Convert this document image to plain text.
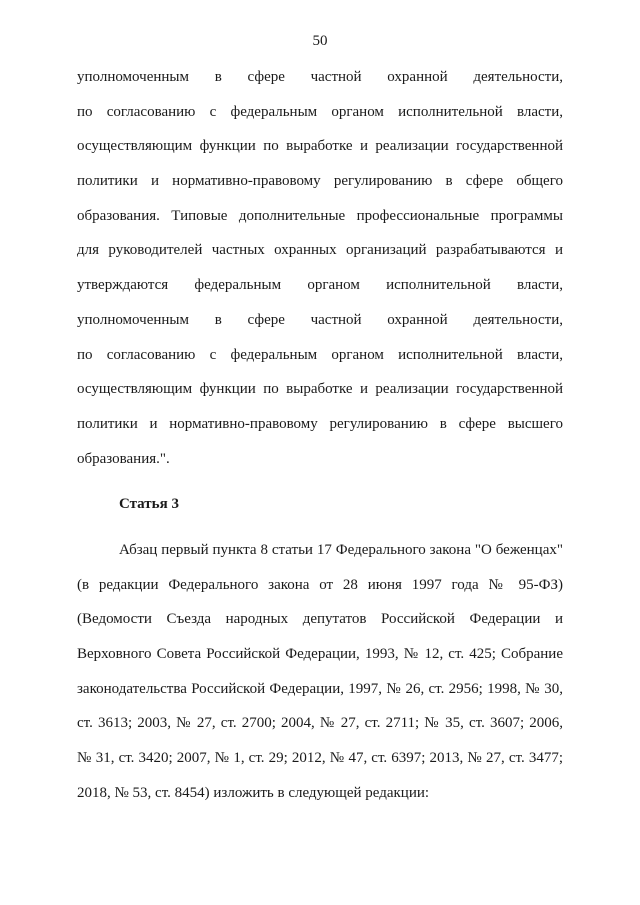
50
уполномоченным в сфере частной охранной деятельности,
по согласованию с федеральным органом исполнительной власти,
осуществляющим функции по выработке и реализации государственной
политики и нормативно-правовому регулированию в сфере общего
образования. Типовые дополнительные профессиональные программы
для руководителей частных охранных организаций разрабатываются и
утверждаются федеральным органом исполнительной власти,
уполномоченным в сфере частной охранной деятельности,
по согласованию с федеральным органом исполнительной власти,
осуществляющим функции по выработке и реализации государственной
политики и нормативно-правовому регулированию в сфере высшего
образования.".
Статья 3
Абзац первый пункта 8 статьи 17 Федерального закона "О беженцах"
(в редакции Федерального закона от 28 июня 1997 года № 95-ФЗ)
(Ведомости Съезда народных депутатов Российской Федерации и
Верховного Совета Российской Федерации, 1993, № 12, ст. 425; Собрание
законодательства Российской Федерации, 1997, № 26, ст. 2956; 1998, № 30,
ст. 3613; 2003, № 27, ст. 2700; 2004, № 27, ст. 2711; № 35, ст. 3607; 2006,
№ 31, ст. 3420; 2007, № 1, ст. 29; 2012, № 47, ст. 6397; 2013, № 27, ст. 3477;
2018, № 53, ст. 8454) изложить в следующей редакции:
